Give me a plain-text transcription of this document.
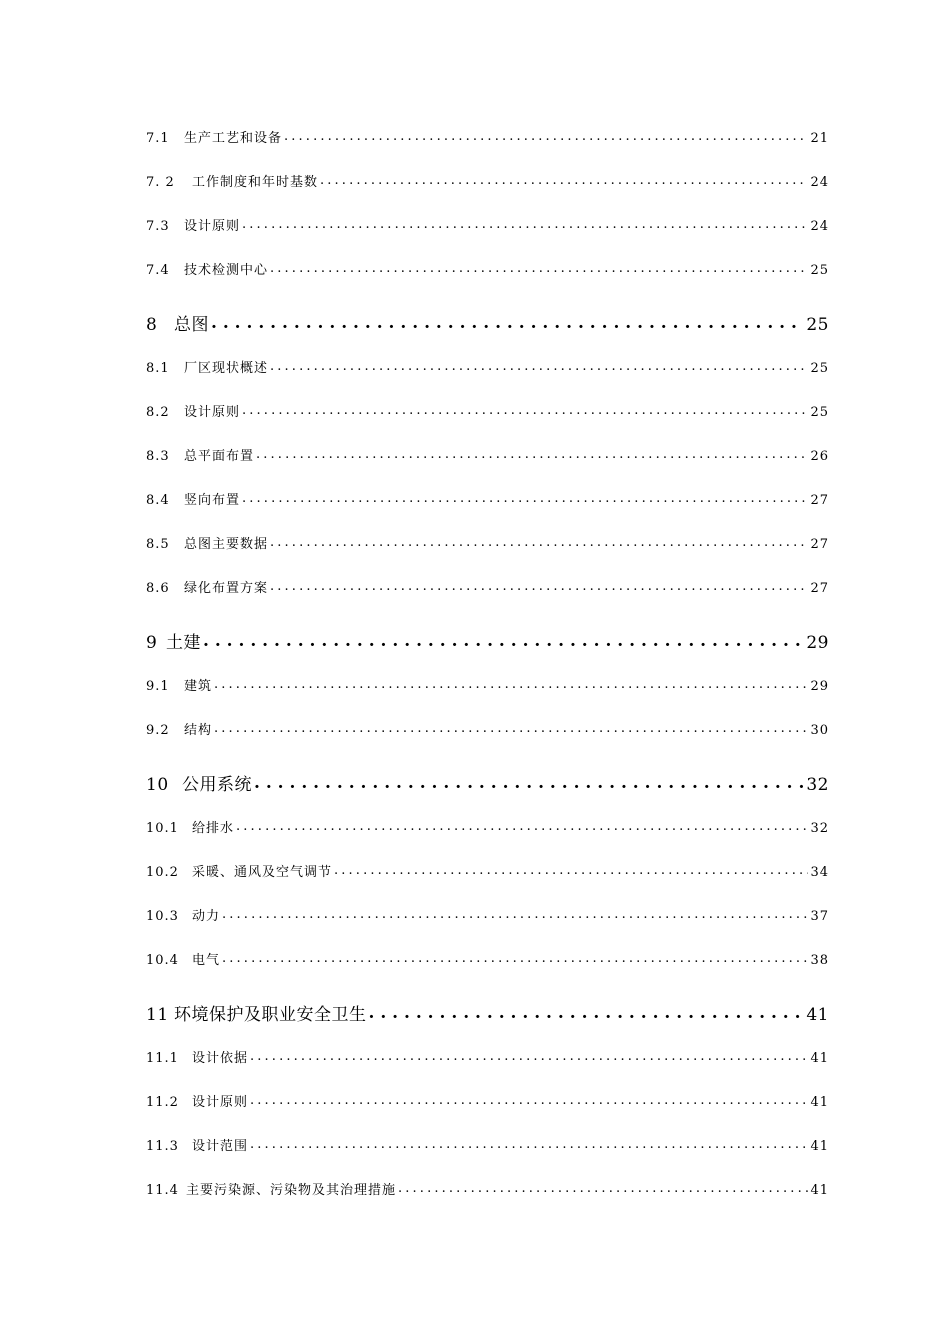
7.1 生产工艺和设备 . . .	21
7. 2 工作制度和年时基数 . . .	24
7.3 设计原则 . . .	24
7.4 技术检测中心 . . .	25
8 总图 . . .	25
8.1 厂区现状概述 . . .	25
8.2 设计原则 . . .	25
8.3 总平面布置 . . .	26
8.4 竖向布置 . . .	27
8.5 总图主要数据 . . .	27
8.6 绿化布置方案 . . .	27
9 土建 . . .	29
9.1 建筑 . . .	29
9.2 结构 . . .	30
10 公用系统 . . .	32
10.1 给排水 . . .	32
10.2 采暖、通风及空气调节 . . .	34
10.3 动力 . . .	37
10.4 电气 . . .	38
11 环境保护及职业安全卫生 . . .	41
11.1 设计依据 . . .	41
11.2 设计原则 . . .	41
11.3 设计范围 . . .	41
11.4 主要污染源、污染物及其治理措施 . . .	41
